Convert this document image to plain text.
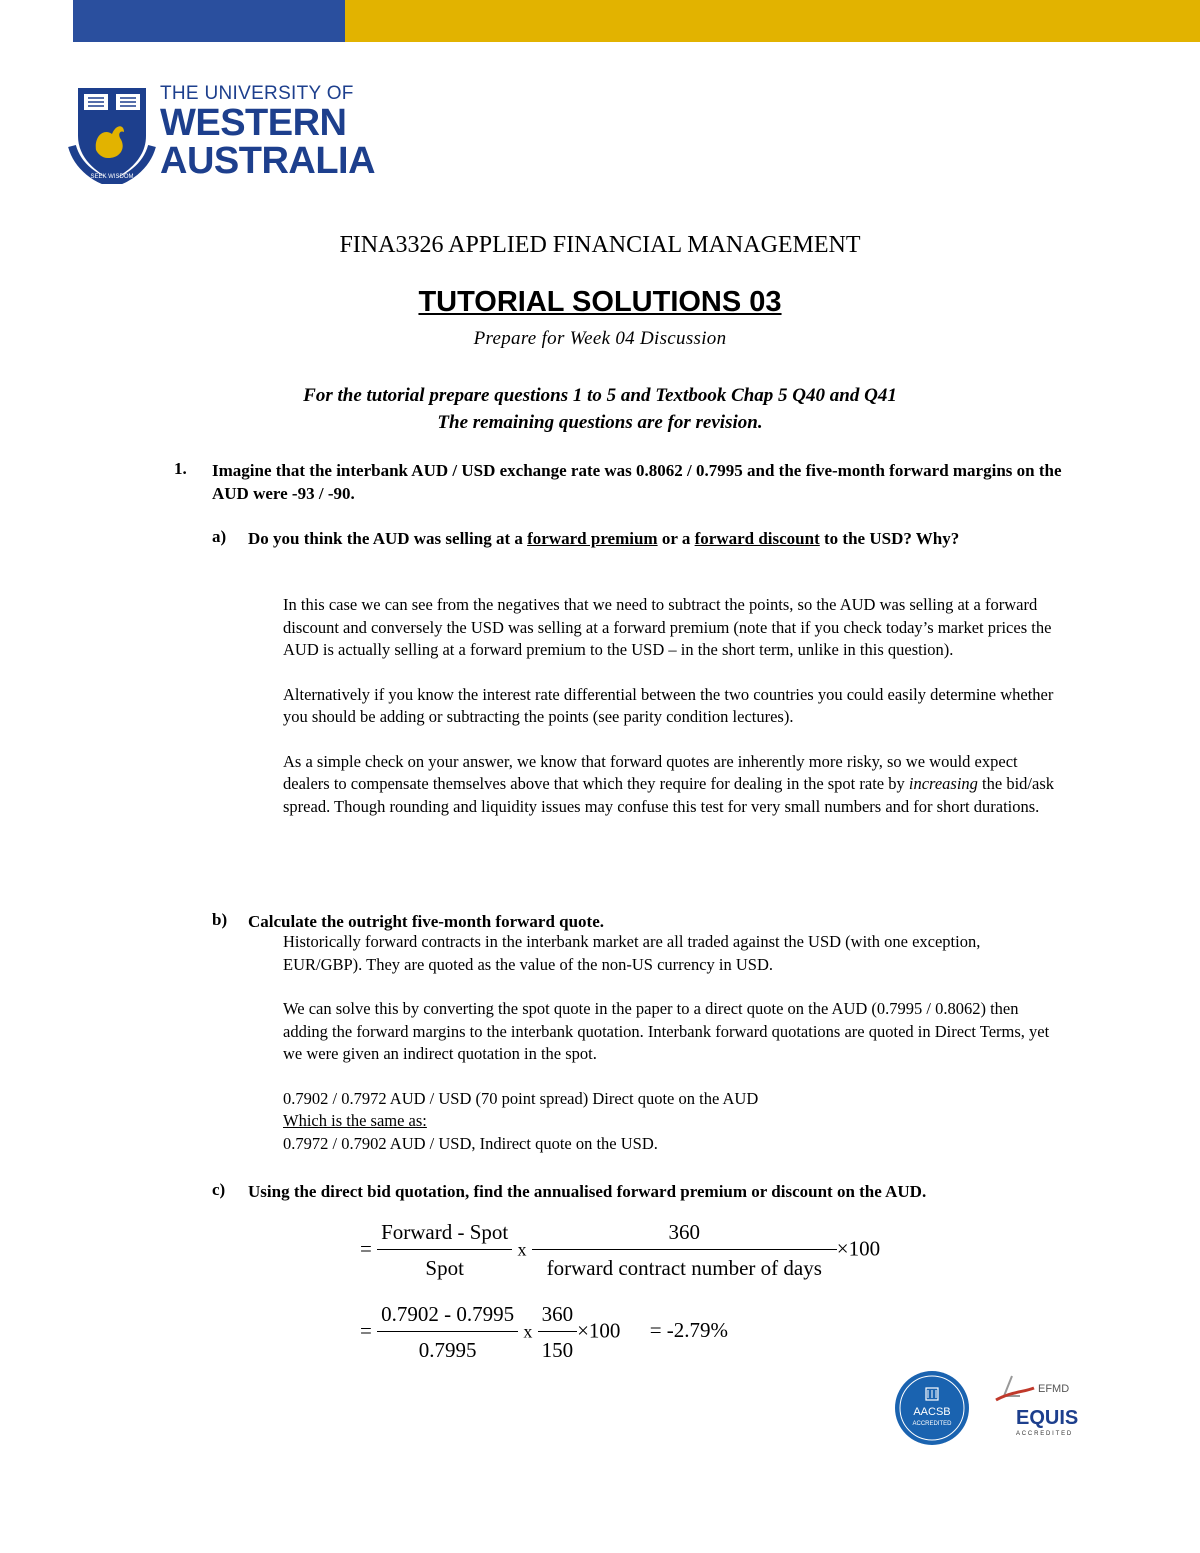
SEEK WISDOM
THE UNIVERSITY OF
WESTERN
AUSTRALIA
FINA3326 APPLIED FINANCIAL MANAGEMENT
TUTORIAL SOLUTIONS 03
Prepare for Week 04 Discussion
For the tutorial prepare questions 1 to 5 and Textbook Chap 5 Q40 and Q41
The remaining questions are for revision.
1. Imagine that the interbank AUD / USD exchange rate was 0.8062 / 0.7995 and the five-month forward margins on the AUD were -93 / -90.
a) Do you think the AUD was selling at a forward premium or a forward discount to the USD? Why?

In this case we can see from the negatives that we need to subtract the points, so the AUD was selling at a forward discount and conversely the USD was selling at a forward premium (note that if you check today’s market prices the AUD is actually selling at a forward premium to the USD – in the short term, unlike in this question).

Alternatively if you know the interest rate differential between the two countries you could easily determine whether you should be adding or subtracting the points (see parity condition lectures).

As a simple check on your answer, we know that forward quotes are inherently more risky, so we would expect dealers to compensate themselves above that which they require for dealing in the spot rate by increasing the bid/ask spread. Though rounding and liquidity issues may confuse this test for very small numbers and for short durations.

b) Calculate the outright five-month forward quote.

Historically forward contracts in the interbank market are all traded against the USD (with one exception, EUR/GBP). They are quoted as the value of the non-US currency in USD.

We can solve this by converting the spot quote in the paper to a direct quote on the AUD (0.7995 / 0.8062) then adding the forward margins to the interbank quotation. Interbank forward quotations are quoted in Direct Terms, yet we were given an indirect quotation in the spot.

0.7902 / 0.7972 AUD / USD (70 point spread) Direct quote on the AUD
Which is the same as:
0.7972 / 0.7902 AUD / USD, Indirect quote on the USD.
c) Using the direct bid quotation, find the annualised forward premium or discount on the AUD.
= $\frac{\text{Forward - Spot}}{\text{Spot}}$ x $\frac{360}{\text{forward contract number of days}} \times 100$
= $\frac{0.7902 - 0.7995}{0.7995}$ x $\frac{360}{150} \times 100 = -2.79\%$
AACSB
ACCREDITED
EFMD
EQUIS
ACCREDITED
